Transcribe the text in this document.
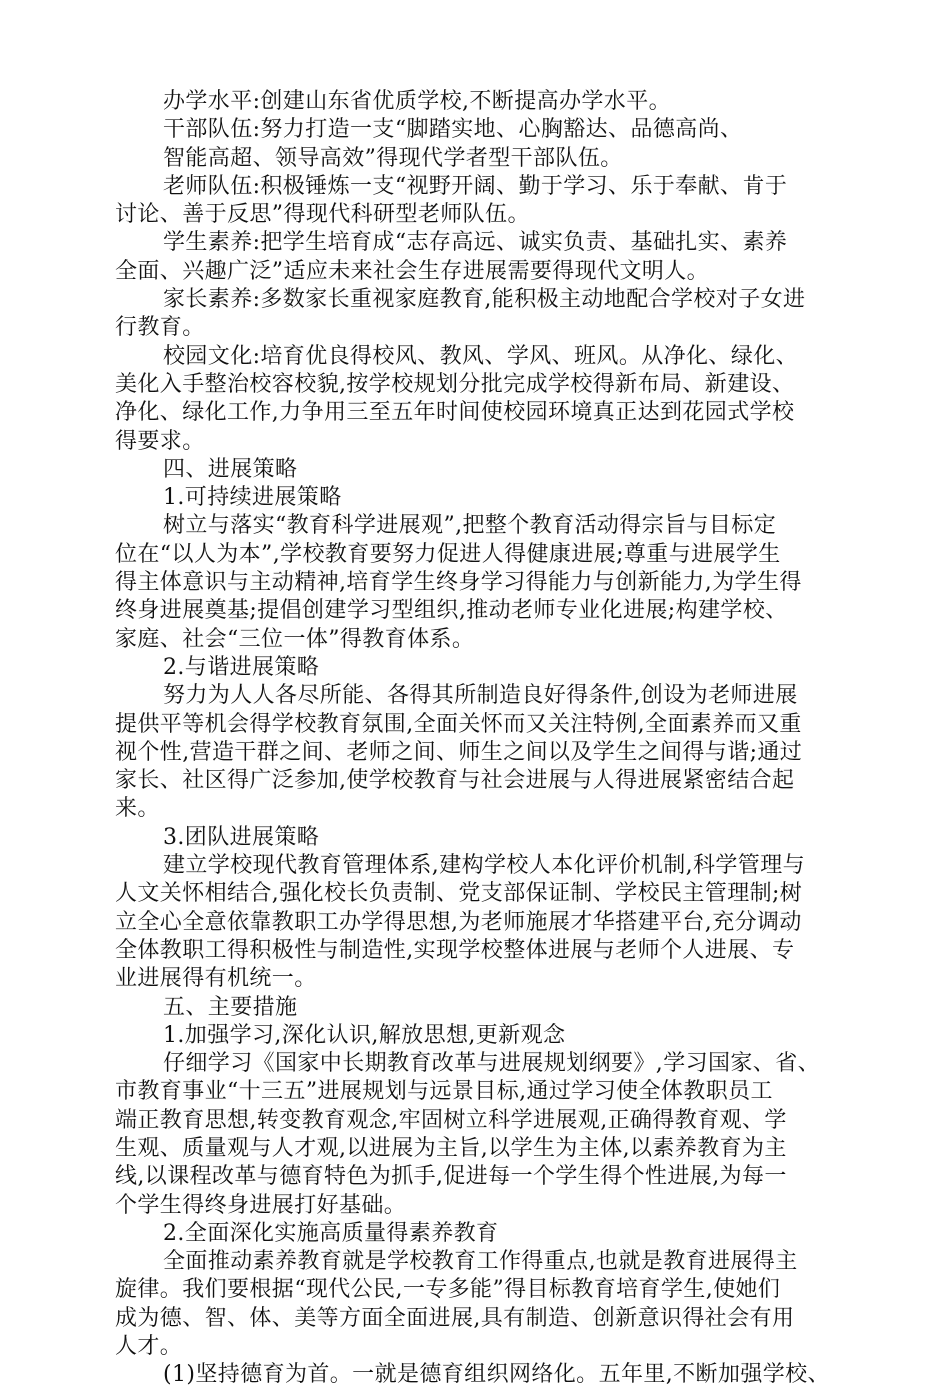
办学水平:创建山东省优质学校,不断提高办学水平。
干部队伍:努力打造一支“脚踏实地、心胸豁达、品德高尚、
智能高超、领导高效”得现代学者型干部队伍。
老师队伍:积极锤炼一支“视野开阔、勤于学习、乐于奉献、肯于
讨论、善于反思”得现代科研型老师队伍。
学生素养:把学生培育成“志存高远、诚实负责、基础扎实、素养
全面、兴趣广泛”适应未来社会生存进展需要得现代文明人。
家长素养:多数家长重视家庭教育,能积极主动地配合学校对子女进
行教育。
校园文化:培育优良得校风、教风、学风、班风。从净化、绿化、
美化入手整治校容校貌,按学校规划分批完成学校得新布局、新建设、
净化、绿化工作,力争用三至五年时间使校园环境真正达到花园式学校
得要求。
四、进展策略
1.可持续进展策略
树立与落实“教育科学进展观”,把整个教育活动得宗旨与目标定
位在“以人为本”,学校教育要努力促进人得健康进展;尊重与进展学生
得主体意识与主动精神,培育学生终身学习得能力与创新能力,为学生得
终身进展奠基;提倡创建学习型组织,推动老师专业化进展;构建学校、
家庭、社会“三位一体”得教育体系。
2.与谐进展策略
努力为人人各尽所能、各得其所制造良好得条件,创设为老师进展
提供平等机会得学校教育氛围,全面关怀而又关注特例,全面素养而又重
视个性,营造干群之间、老师之间、师生之间以及学生之间得与谐;通过
家长、社区得广泛参加,使学校教育与社会进展与人得进展紧密结合起
来。
3.团队进展策略
建立学校现代教育管理体系,建构学校人本化评价机制,科学管理与
人文关怀相结合,强化校长负责制、党支部保证制、学校民主管理制;树
立全心全意依靠教职工办学得思想,为老师施展才华搭建平台,充分调动
全体教职工得积极性与制造性,实现学校整体进展与老师个人进展、专
业进展得有机统一。
五、主要措施
1.加强学习,深化认识,解放思想,更新观念
仔细学习《国家中长期教育改革与进展规划纲要》,学习国家、省、
市教育事业“十三五”进展规划与远景目标,通过学习使全体教职员工
端正教育思想,转变教育观念,牢固树立科学进展观,正确得教育观、学
生观、质量观与人才观,以进展为主旨,以学生为主体,以素养教育为主
线,以课程改革与德育特色为抓手,促进每一个学生得个性进展,为每一
个学生得终身进展打好基础。
2.全面深化实施高质量得素养教育
全面推动素养教育就是学校教育工作得重点,也就是教育进展得主
旋律。我们要根据“现代公民,一专多能”得目标教育培育学生,使她们
成为德、智、体、美等方面全面进展,具有制造、创新意识得社会有用
人才。
(1)坚持德育为首。一就是德育组织网络化。五年里,不断加强学校、
